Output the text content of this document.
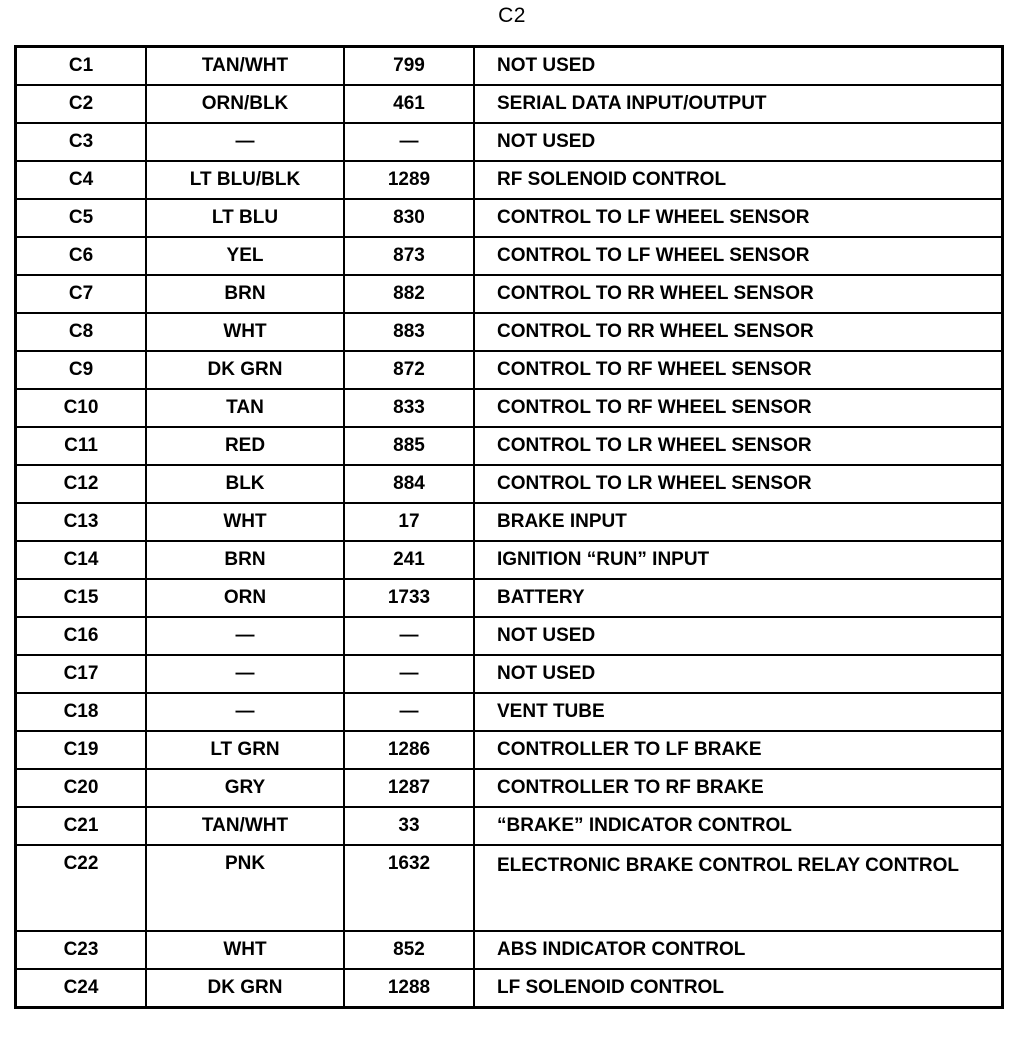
C2
C1	TAN/WHT	799	NOT USED
C2	ORN/BLK	461	SERIAL DATA INPUT/OUTPUT
C3	—	—	NOT USED
C4	LT BLU/BLK	1289	RF SOLENOID CONTROL
C5	LT BLU	830	CONTROL TO LF WHEEL SENSOR
C6	YEL	873	CONTROL TO LF WHEEL SENSOR
C7	BRN	882	CONTROL TO RR WHEEL SENSOR
C8	WHT	883	CONTROL TO RR WHEEL SENSOR
C9	DK GRN	872	CONTROL TO RF WHEEL SENSOR
C10	TAN	833	CONTROL TO RF WHEEL SENSOR
C11	RED	885	CONTROL TO LR WHEEL SENSOR
C12	BLK	884	CONTROL TO LR WHEEL SENSOR
C13	WHT	17	BRAKE INPUT
C14	BRN	241	IGNITION “RUN” INPUT
C15	ORN	1733	BATTERY
C16	—	—	NOT USED
C17	—	—	NOT USED
C18	—	—	VENT TUBE
C19	LT GRN	1286	CONTROLLER TO LF BRAKE
C20	GRY	1287	CONTROLLER TO RF BRAKE
C21	TAN/WHT	33	“BRAKE” INDICATOR CONTROL
C22	PNK	1632	ELECTRONIC BRAKE CONTROL RELAY CONTROL
C23	WHT	852	ABS INDICATOR CONTROL
C24	DK GRN	1288	LF SOLENOID CONTROL
